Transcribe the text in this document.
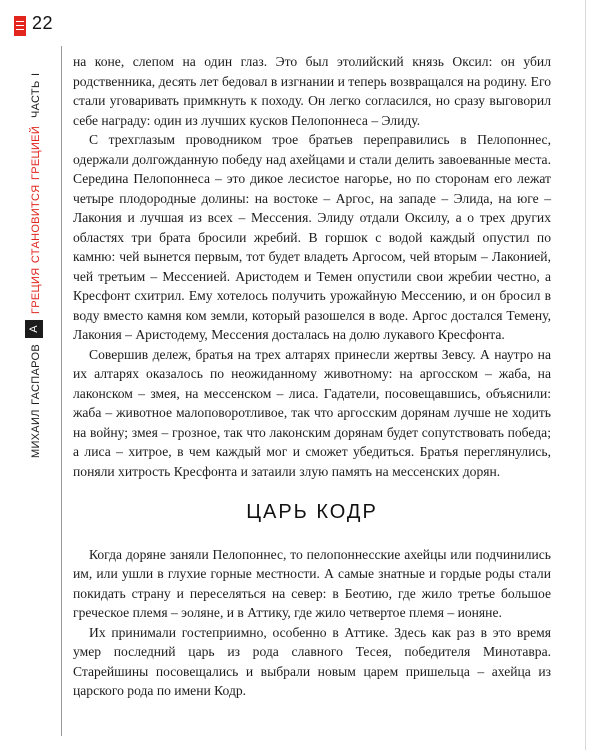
22
михаил гаспаров
А
греция становится грецией
часть i

на коне, слепом на один глаз. Это был этолийский князь Оксил: он убил родственника, десять лет бедовал в изгнании и теперь возвращался на родину. Его стали уговаривать примкнуть к походу. Он легко согласился, но сразу выговорил себе награду: один из лучших кусков Пелопоннеса – Элиду.

С трехглазым проводником трое братьев переправились в Пелопоннес, одержали долгожданную победу над ахейцами и стали делить завоеванные места. Середина Пелопоннеса – это дикое лесистое нагорье, но по сторонам его лежат четыре плодородные долины: на востоке – Аргос, на западе – Элида, на юге – Лакония и лучшая из всех – Мессения. Элиду отдали Оксилу, а о трех других областях три брата бросили жребий. В горшок с водой каждый опустил по камню: чей вынется первым, тот будет владеть Аргосом, чей вторым – Лаконией, чей третьим – Мессенией. Аристодем и Темен опустили свои жребии честно, а Кресфонт схитрил. Ему хотелось получить урожайную Мессению, и он бросил в воду вместо камня ком земли, который разошелся в воде. Аргос достался Темену, Лакония – Аристодему, Мессения досталась на долю лукавого Кресфонта.

Совершив дележ, братья на трех алтарях принесли жертвы Зевсу. А наутро на их алтарях оказалось по неожиданному животному: на аргосском – жаба, на лаконском – змея, на мессенском – лиса. Гадатели, посовещавшись, объяснили: жаба – животное малоповоротливое, так что аргосским дорянам лучше не ходить на войну; змея – грозное, так что лаконским дорянам будет сопутствовать победа; а лиса – хитрое, в чем каждый мог и сможет убедиться. Братья переглянулись, поняли хитрость Кресфонта и затаили злую память на мессенских дорян.

ЦАРЬ КОДР

Когда доряне заняли Пелопоннес, то пелопоннесские ахейцы или подчинились им, или ушли в глухие горные местности. А самые знатные и гордые роды стали покидать страну и переселяться на север: в Беотию, где жило третье большое греческое племя – эоляне, и в Аттику, где жило четвертое племя – ионяне.

Их принимали гостеприимно, особенно в Аттике. Здесь как раз в это время умер последний царь из рода славного Тесея, победителя Минотавра. Старейшины посовещались и выбрали новым царем пришельца – ахейца из царского рода по имени Кодр.
